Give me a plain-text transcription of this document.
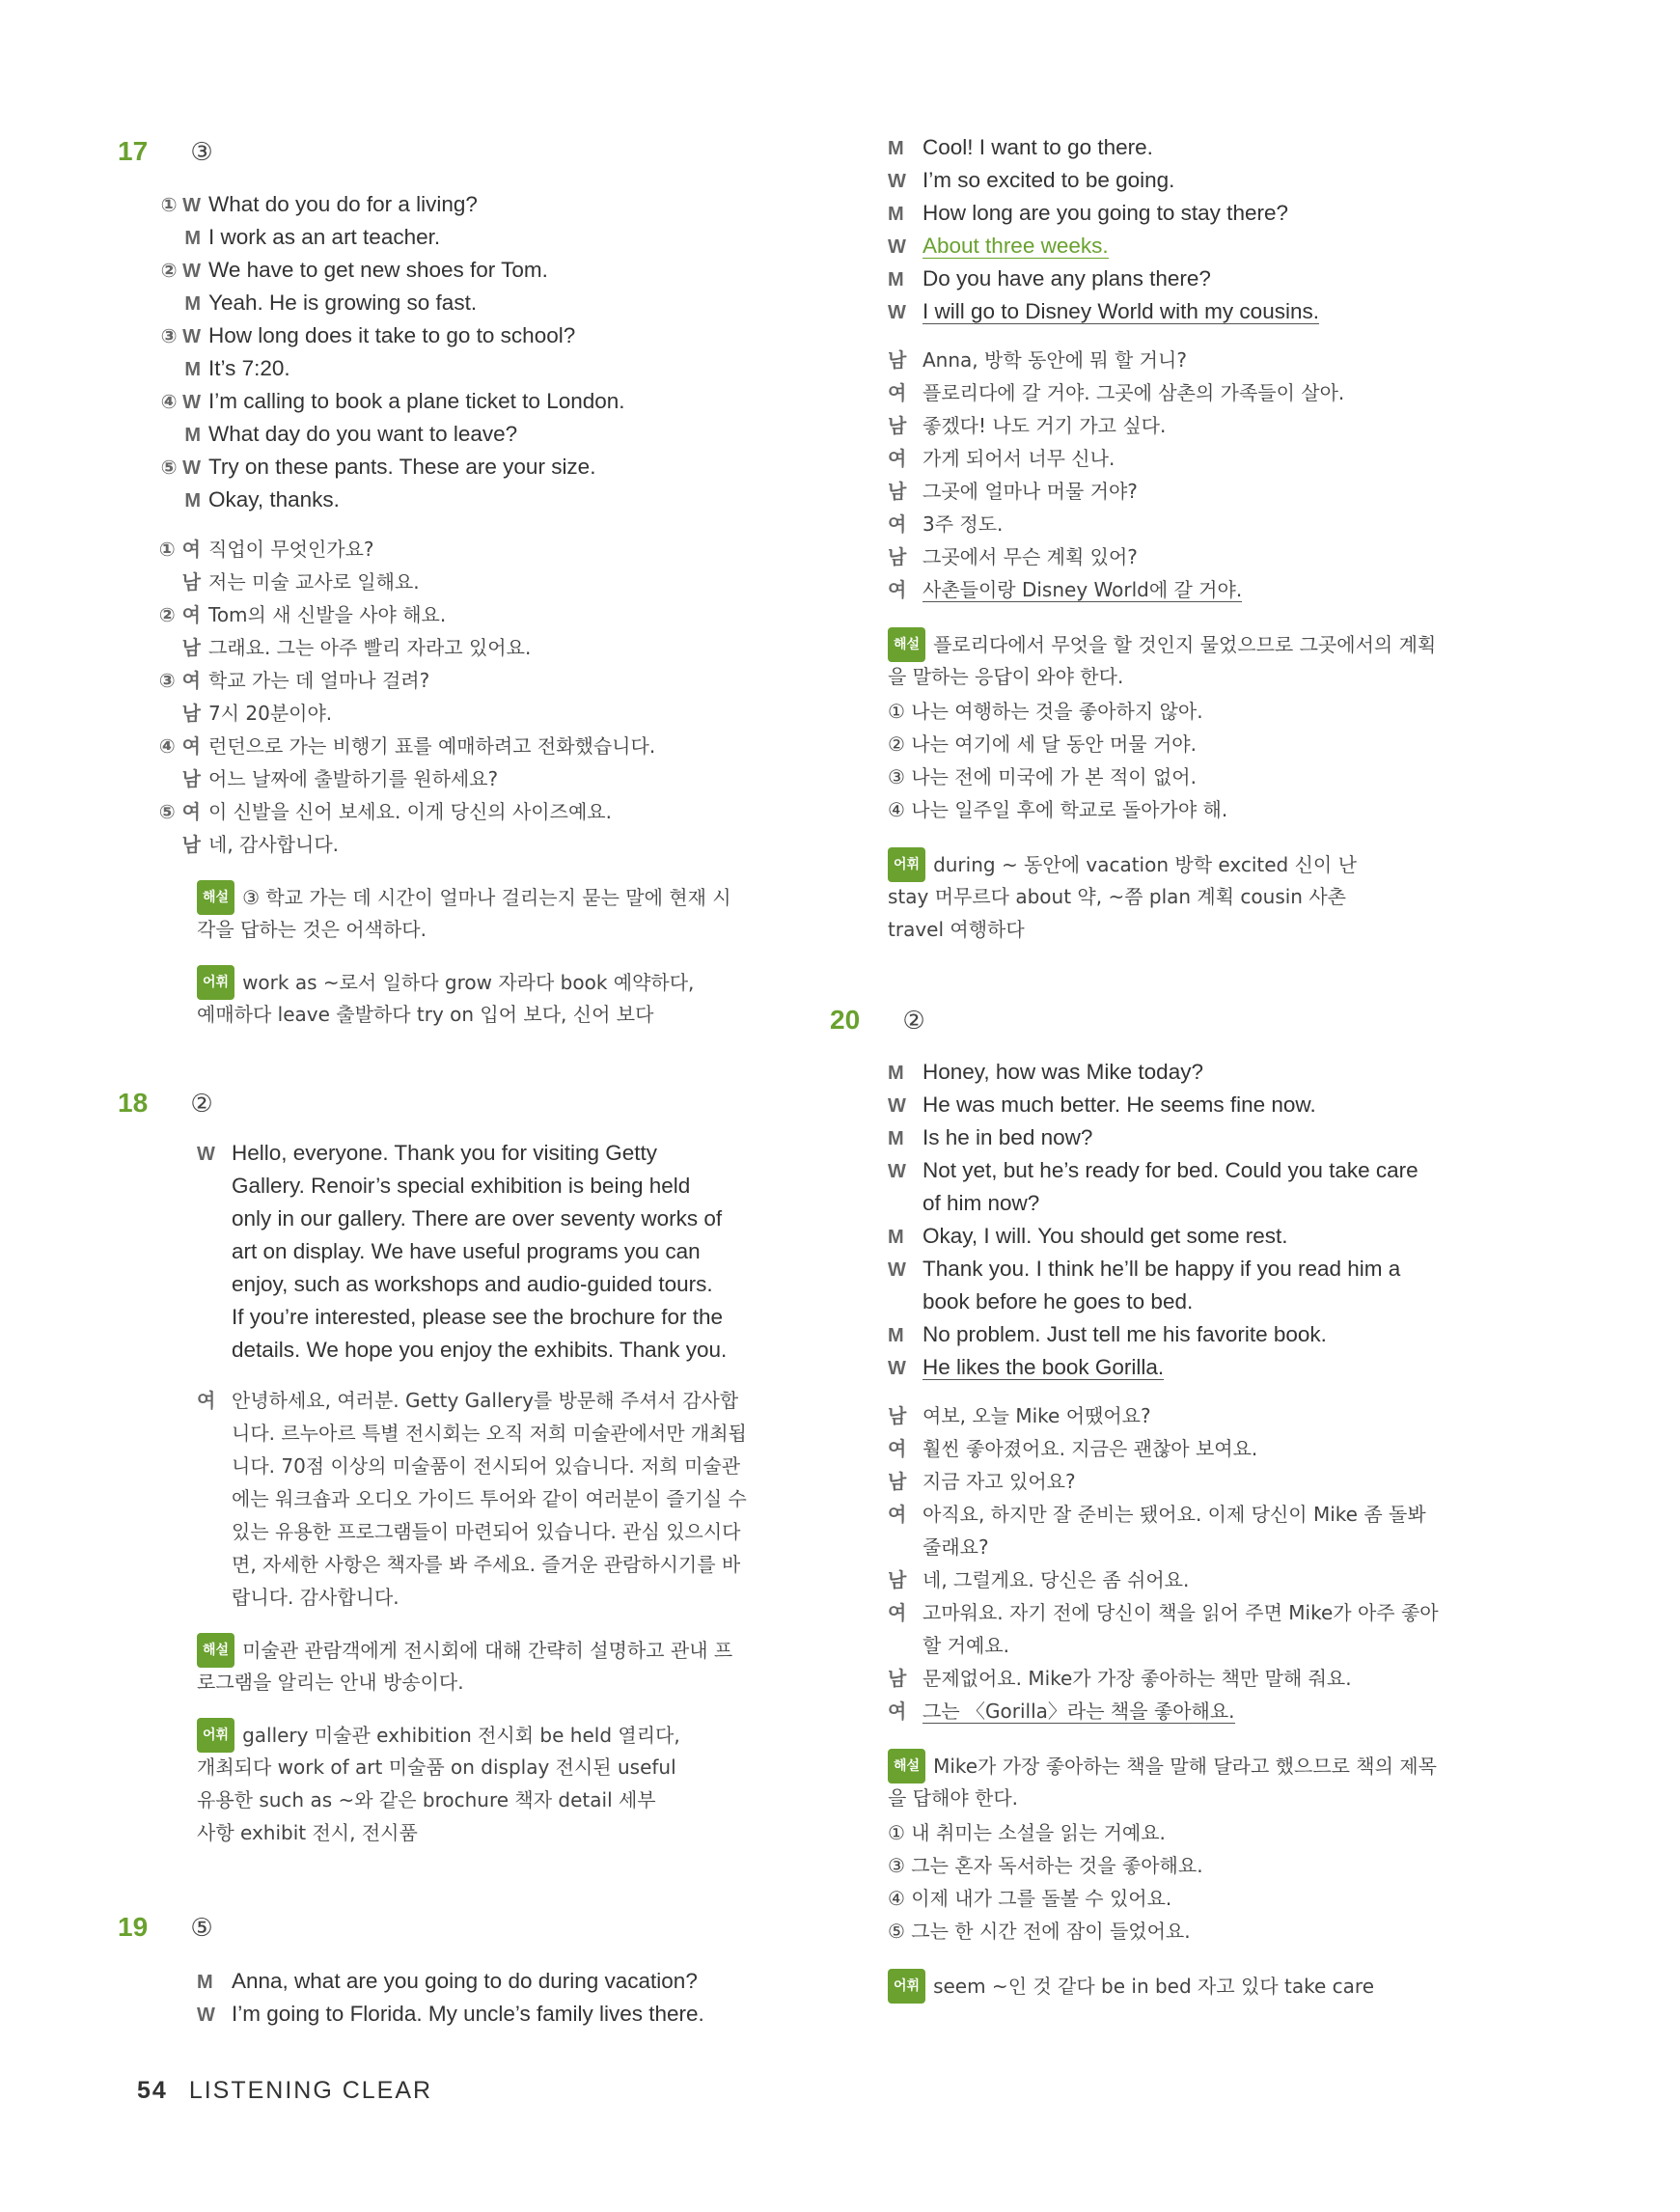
17 ③
① W What do you do for a living?
M I work as an art teacher.
② W We have to get new shoes for Tom.
M Yeah. He is growing so fast.
③ W How long does it take to go to school?
M It’s 7:20.
④ W I’m calling to book a plane ticket to London.
M What day do you want to leave?
⑤ W Try on these pants. These are your size.
M Okay, thanks.
① 여 직업이 무엇인가요?
남 저는 미술 교사로 일해요.
② 여 Tom의 새 신발을 사야 해요.
남 그래요. 그는 아주 빨리 자라고 있어요.
③ 여 학교 가는 데 얼마나 걸려?
남 7시 20분이야.
④ 여 런던으로 가는 비행기 표를 예매하려고 전화했습니다.
남 어느 날짜에 출발하기를 원하세요?
⑤ 여 이 신발을 신어 보세요. 이게 당신의 사이즈예요.
남 네, 감사합니다.
해설 ③ 학교 가는 데 시간이 얼마나 걸리는지 묻는 말에 현재 시
각을 답하는 것은 어색하다.
어휘 work as ~로서 일하다 grow 자라다 book 예약하다,
예매하다 leave 출발하다 try on 입어 보다, 신어 보다
18 ②
W Hello, everyone. Thank you for visiting Getty
Gallery. Renoir’s special exhibition is being held
only in our gallery. There are over seventy works of
art on display. We have useful programs you can
enjoy, such as workshops and audio-guided tours.
If you’re interested, please see the brochure for the
details. We hope you enjoy the exhibits. Thank you.
여 안녕하세요, 여러분. Getty Gallery를 방문해 주셔서 감사합
니다. 르누아르 특별 전시회는 오직 저희 미술관에서만 개최됩
니다. 70점 이상의 미술품이 전시되어 있습니다. 저희 미술관
에는 워크숍과 오디오 가이드 투어와 같이 여러분이 즐기실 수
있는 유용한 프로그램들이 마련되어 있습니다. 관심 있으시다
면, 자세한 사항은 책자를 봐 주세요. 즐거운 관람하시기를 바
랍니다. 감사합니다.
해설 미술관 관람객에게 전시회에 대해 간략히 설명하고 관내 프
로그램을 알리는 안내 방송이다.
어휘 gallery 미술관 exhibition 전시회 be held 열리다,
개최되다 work of art 미술품 on display 전시된 useful
유용한 such as ~와 같은 brochure 책자 detail 세부
사항 exhibit 전시, 전시품
19 ⑤
M Anna, what are you going to do during vacation?
W I’m going to Florida. My uncle’s family lives there.
M Cool! I want to go there.
W I’m so excited to be going.
M How long are you going to stay there?
W About three weeks.
M Do you have any plans there?
W I will go to Disney World with my cousins.
남 Anna, 방학 동안에 뭐 할 거니?
여 플로리다에 갈 거야. 그곳에 삼촌의 가족들이 살아.
남 좋겠다! 나도 거기 가고 싶다.
여 가게 되어서 너무 신나.
남 그곳에 얼마나 머물 거야?
여 3주 정도.
남 그곳에서 무슨 계획 있어?
여 사촌들이랑 Disney World에 갈 거야.
해설 플로리다에서 무엇을 할 것인지 물었으므로 그곳에서의 계획
을 말하는 응답이 와야 한다.
① 나는 여행하는 것을 좋아하지 않아.
② 나는 여기에 세 달 동안 머물 거야.
③ 나는 전에 미국에 가 본 적이 없어.
④ 나는 일주일 후에 학교로 돌아가야 해.
어휘 during ~ 동안에 vacation 방학 excited 신이 난
stay 머무르다 about 약, ~쯤 plan 계획 cousin 사촌
travel 여행하다
20 ②
M Honey, how was Mike today?
W He was much better. He seems fine now.
M Is he in bed now?
W Not yet, but he’s ready for bed. Could you take care
of him now?
M Okay, I will. You should get some rest.
W Thank you. I think he’ll be happy if you read him a
book before he goes to bed.
M No problem. Just tell me his favorite book.
W He likes the book Gorilla.
남 여보, 오늘 Mike 어땠어요?
여 훨씬 좋아졌어요. 지금은 괜찮아 보여요.
남 지금 자고 있어요?
여 아직요, 하지만 잘 준비는 됐어요. 이제 당신이 Mike 좀 돌봐
줄래요?
남 네, 그럴게요. 당신은 좀 쉬어요.
여 고마워요. 자기 전에 당신이 책을 읽어 주면 Mike가 아주 좋아
할 거예요.
남 문제없어요. Mike가 가장 좋아하는 책만 말해 줘요.
여 그는 〈Gorilla〉라는 책을 좋아해요.
해설 Mike가 가장 좋아하는 책을 말해 달라고 했으므로 책의 제목
을 답해야 한다.
① 내 취미는 소설을 읽는 거예요.
③ 그는 혼자 독서하는 것을 좋아해요.
④ 이제 내가 그를 돌볼 수 있어요.
⑤ 그는 한 시간 전에 잠이 들었어요.
어휘 seem ~인 것 같다 be in bed 자고 있다 take care
54 LISTENING CLEAR
